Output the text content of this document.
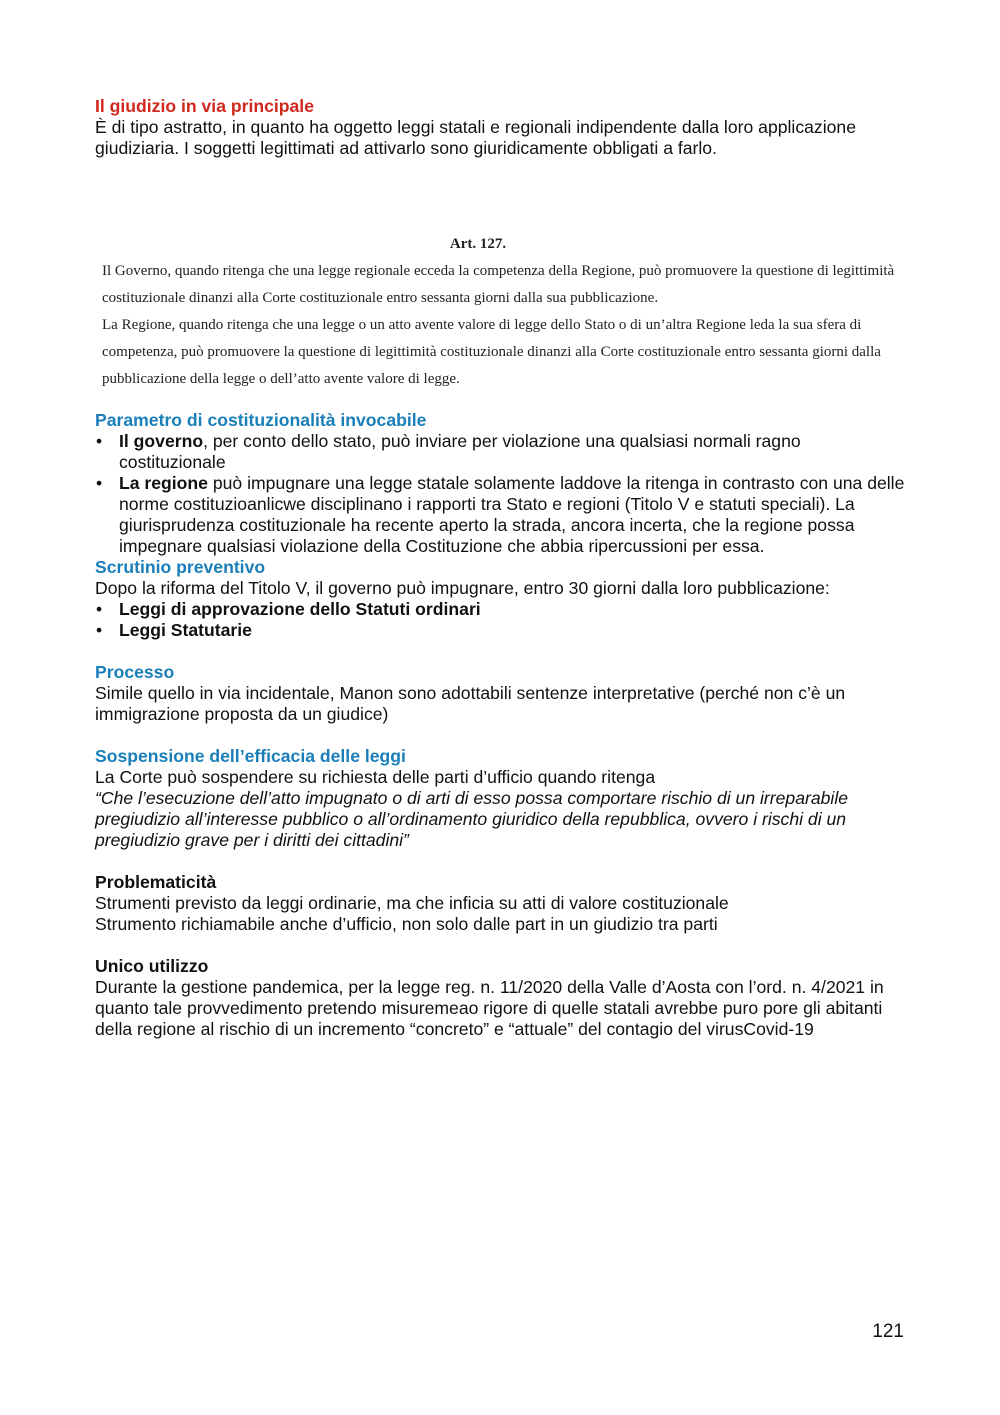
Il giudizio in via principale

È di tipo astratto, in quanto ha oggetto leggi statali e regionali indipendente dalla loro applicazione giudiziaria. I soggetti legittimati ad attivarlo sono giuridicamente obbligati a farlo.

Art. 127.

Il Governo, quando ritenga che una legge regionale ecceda la competenza della Regione, può promuovere la questione di legittimità costituzionale dinanzi alla Corte costituzionale entro sessanta giorni dalla sua pubblicazione.

La Regione, quando ritenga che una legge o un atto avente valore di legge dello Stato o di un’altra Regione leda la sua sfera di competenza, può promuovere la questione di legittimità costituzionale dinanzi alla Corte costituzionale entro sessanta giorni dalla pubblicazione della legge o dell’atto avente valore di legge.

Parametro di costituzionalità invocabile

• Il governo, per conto dello stato, può inviare per violazione una qualsiasi normali ragno costituzionale
• La regione può impugnare una legge statale solamente laddove la ritenga in contrasto con una delle norme costituzioanlicwe disciplinano i rapporti tra Stato e regioni (Titolo V e statuti speciali). La giurisprudenza costituzionale ha recente aperto la strada, ancora incerta, che la regione possa impegnare qualsiasi violazione della Costituzione che abbia ripercussioni per essa.

Scrutinio preventivo

Dopo la riforma del Titolo V, il governo può impugnare, entro 30 giorni dalla loro pubblicazione:

• Leggi di approvazione dello Statuti ordinari
• Leggi Statutarie

Processo

Simile quello in via incidentale, Manon sono adottabili sentenze interpretative (perché non c’è un immigrazione proposta da un giudice)

Sospensione dell’efficacia delle leggi

La Corte può sospendere su richiesta delle parti d’ufficio quando ritenga

“Che l’esecuzione dell’atto impugnato o di arti di esso possa comportare rischio di un irreparabile pregiudizio all’interesse pubblico o all’ordinamento giuridico della repubblica, ovvero i rischi di un pregiudizio grave per i diritti dei cittadini”

Problematicità

Strumenti previsto da leggi ordinarie, ma che inficia su atti di valore costituzionale

Strumento richiamabile anche d’ufficio, non solo dalle part in un giudizio tra parti

Unico utilizzo

Durante la gestione pandemica, per la legge reg. n. 11/2020 della Valle d’Aosta con l’ord. n. 4/2021 in quanto tale provvedimento pretendo misuremeao rigore di quelle statali avrebbe puro pore gli abitanti della regione al rischio di un incremento “concreto” e “attuale” del contagio del virusCovid-19

121
